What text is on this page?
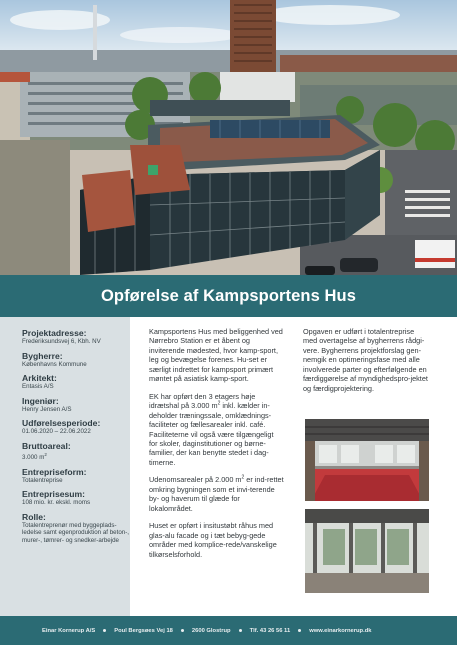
Opførelse af Kampsportens Hus
Projektadresse:
Frederiksundsvej 6, Kbh. NV
Bygherre:
Københavns Kommune
Arkitekt:
Entasis A/S
Ingeniør:
Henry Jensen A/S
Udførelsesperiode:
01.06.2020 – 22.06.2022
Bruttoareal:
3.000 $m^2$
Entrepriseform:
Totalentreprise
Entreprisesum:
108 mio. kr. ekskl. moms
Rolle:
Totalentreprenør med byggeplads-ledelse samt egenproduktion af beton-, murer-, tømrer- og snedker-arbejde

Kampsportens Hus med beliggenhed ved Nørrebro Station er et åbent og inviterende mødested, hvor kamp-sport, leg og bevægelse forenes. Hu-set er særligt indrettet for kampsport primært møntet på asiatisk kamp-sport.

EK har opført den 3 etagers høje idrætshal på 3.000 $m^2$ inkl. kælder in-deholder træningssale, omklædnings-faciliteter og fællesarealer inkl. café. Faciliteterne vil også være tilgængeligt for skoler, daginstitutioner og børne-familier, der kan benytte stedet i dag-timerne.

Udenomsarealer på 2.000 $m^2$ er ind-rettet omkring bygningen som et invi-terende by- og haverum til glæde for lokalområdet.

Huset er opført i insitustøbt råhus med glas-alu facade og i tæt bebyg-gede områder med komplice-rede/vanskelige tilkørselsforhold.

Opgaven er udført i totalentreprise med overtagelse af bygherrens rådgi-vere. Bygherrens projektforslag gen-nemgik en optimeringsfase med alle involverede parter og efterfølgende en færdiggørelse af myndighedspro-jektet og færdigprojektering.

Einar Kornerup A/S	Poul Bergsøes Vej 18	2600 Glostrup	Tlf. 43 26 56 11	www.einarkornerup.dk
